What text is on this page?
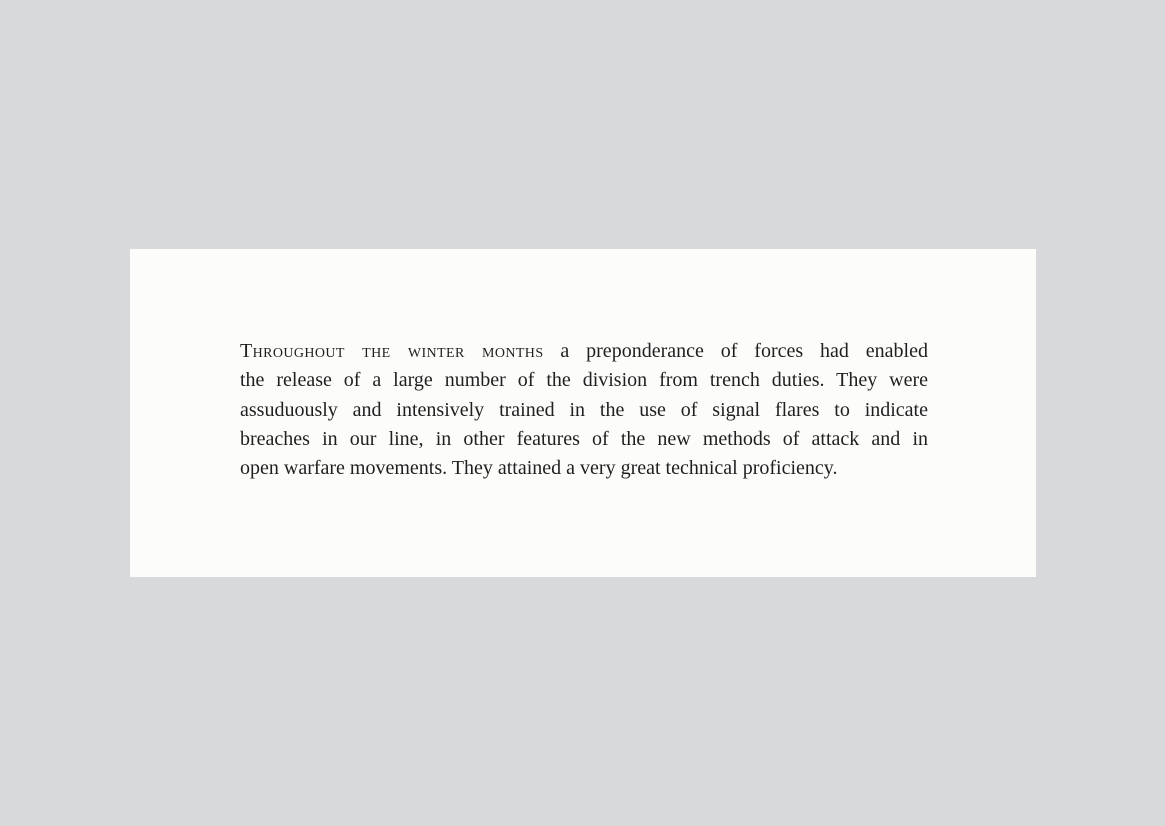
Throughout the winter months a preponderance of forces had enabled
the release of a large number of the division from trench duties. They were
assuduously and intensively trained in the use of signal flares to indicate
breaches in our line, in other features of the new methods of attack and in
open warfare movements. They attained a very great technical proficiency.
